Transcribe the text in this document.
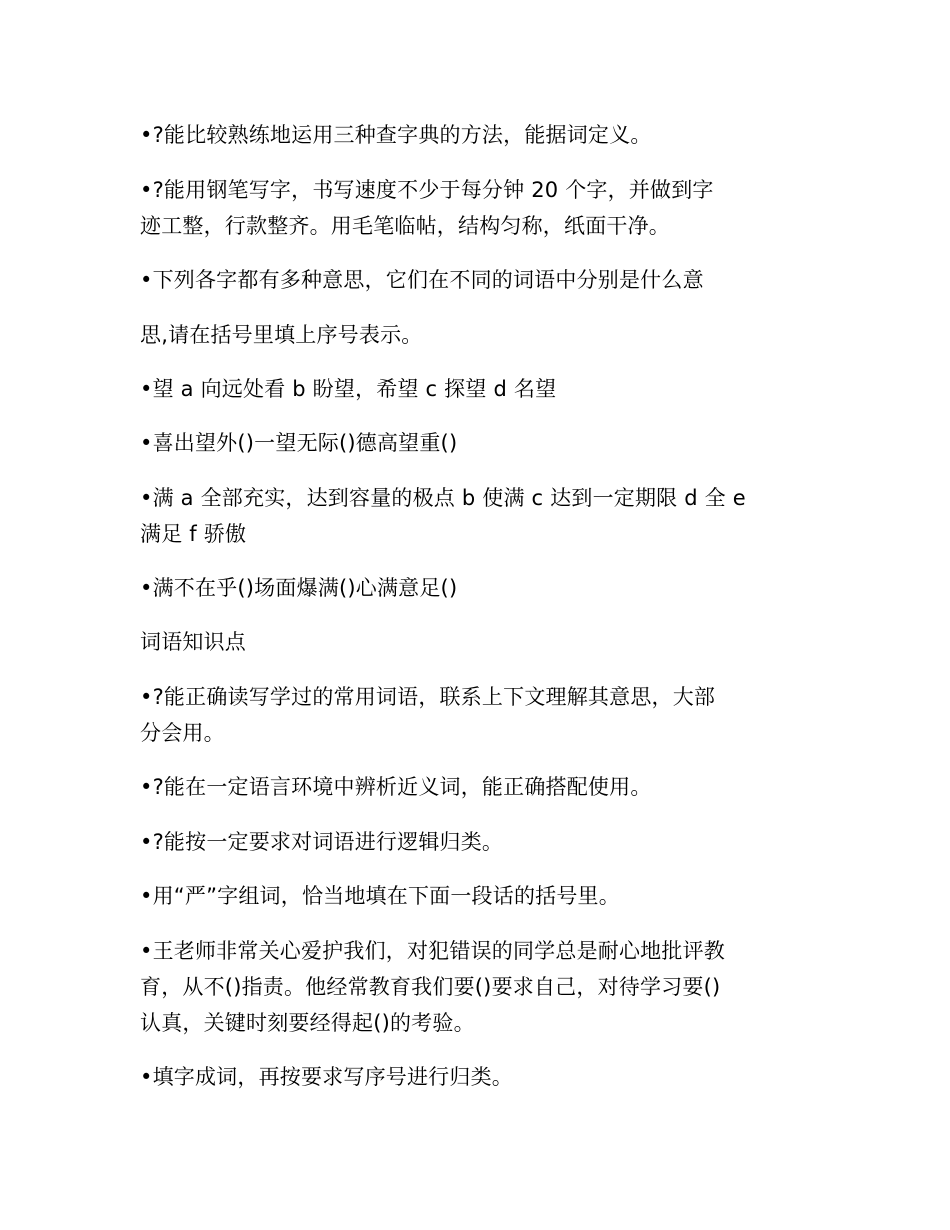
•?能比较熟练地运用三种查字典的方法，能据词定义。
•?能用钢笔写字，书写速度不少于每分钟 20 个字，并做到字
迹工整，行款整齐。用毛笔临帖，结构匀称，纸面干净。
•下列各字都有多种意思，它们在不同的词语中分别是什么意
思,请在括号里填上序号表示。
•望 a 向远处看 b 盼望，希望 c 探望 d 名望
•喜出望外()一望无际()德高望重()
•满 a 全部充实，达到容量的极点 b 使满 c 达到一定期限 d 全 e
满足 f 骄傲
•满不在乎()场面爆满()心满意足()
词语知识点
•?能正确读写学过的常用词语，联系上下文理解其意思，大部
分会用。
•?能在一定语言环境中辨析近义词，能正确搭配使用。
•?能按一定要求对词语进行逻辑归类。
•用“严”字组词，恰当地填在下面一段话的括号里。
•王老师非常关心爱护我们，对犯错误的同学总是耐心地批评教
育，从不()指责。他经常教育我们要()要求自己，对待学习要()
认真，关键时刻要经得起()的考验。
•填字成词，再按要求写序号进行归类。
